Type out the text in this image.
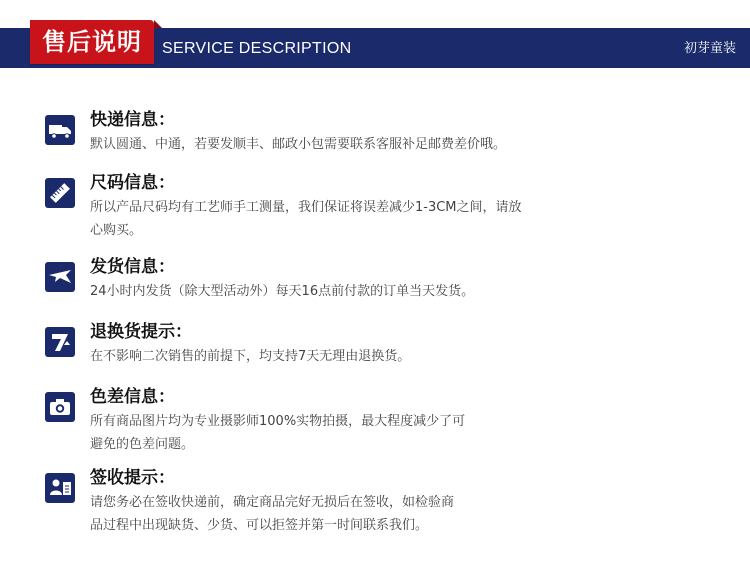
售后说明	SERVICE DESCRIPTION	初芽童装
快递信息：
默认圆通、中通，若要发顺丰、邮政小包需要联系客服补足邮费差价哦。
尺码信息：
所以产品尺码均有工艺师手工测量，我们保证将误差减少1-3CM之间，请放
心购买。
发货信息：
24小时内发货（除大型活动外）每天16点前付款的订单当天发货。
退换货提示：
在不影响二次销售的前提下，均支持7天无理由退换货。
色差信息：
所有商品图片均为专业摄影师100%实物拍摄，最大程度减少了可
避免的色差问题。
签收提示：
请您务必在签收快递前，确定商品完好无损后在签收，如检验商
品过程中出现缺货、少货、可以拒签并第一时间联系我们。
